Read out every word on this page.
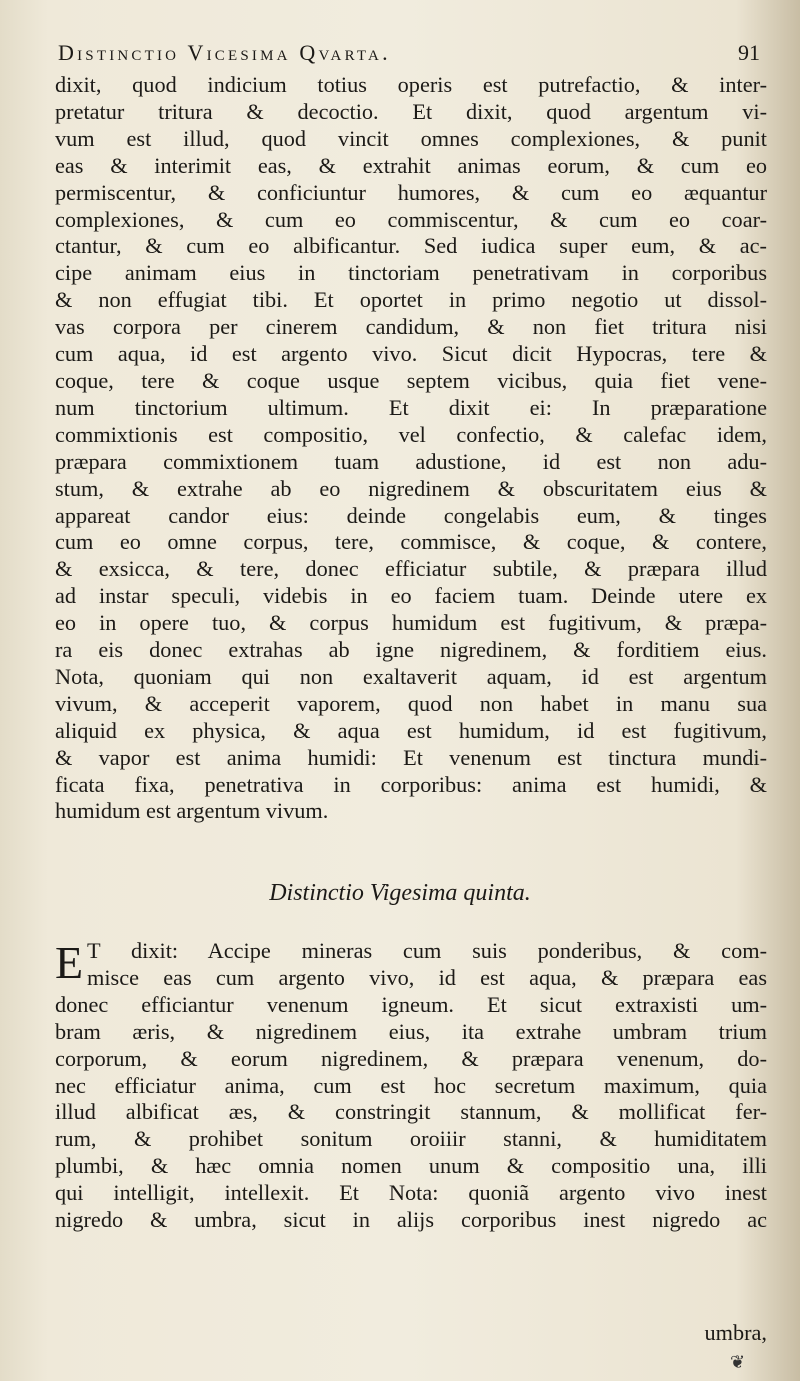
Distinctio Vicesima Qvarta.	91
dixit, quod indicium totius operis est putrefactio, & inter-
pretatur tritura & decoctio. Et dixit, quod argentum vi-
vum est illud, quod vincit omnes complexiones, & punit
eas & interimit eas, & extrahit animas eorum, & cum eo
permiscentur, & conficiuntur humores, & cum eo æquantur
complexiones, & cum eo commiscentur, & cum eo coar-
ctantur, & cum eo albificantur. Sed iudica super eum, & ac-
cipe animam eius in tinctoriam penetrativam in corporibus
& non effugiat tibi. Et oportet in primo negotio ut dissol-
vas corpora per cinerem candidum, & non fiet tritura nisi
cum aqua, id est argento vivo. Sicut dicit Hypocras, tere &
coque, tere & coque usque septem vicibus, quia fiet vene-
num tinctorium ultimum. Et dixit ei: In præparatione
commixtionis est compositio, vel confectio, & calefac idem,
præpara commixtionem tuam adustione, id est non adu-
stum, & extrahe ab eo nigredinem & obscuritatem eius &
appareat candor eius: deinde congelabis eum, & tinges
cum eo omne corpus, tere, commisce, & coque, & contere,
& exsicca, & tere, donec efficiatur subtile, & præpara illud
ad instar speculi, videbis in eo faciem tuam. Deinde utere ex
eo in opere tuo, & corpus humidum est fugitivum, & præpa-
ra eis donec extrahas ab igne nigredinem, & forditiem eius.
Nota, quoniam qui non exaltaverit aquam, id est argentum
vivum, & acceperit vaporem, quod non habet in manu sua
aliquid ex physica, & aqua est humidum, id est fugitivum,
& vapor est anima humidi: Et venenum est tinctura mundi-
ficata fixa, penetrativa in corporibus: anima est humidi, &
humidum est argentum vivum.
Distinctio Vigesima quinta.
E T dixit: Accipe mineras cum suis ponderibus, & com-
misce eas cum argento vivo, id est aqua, & præpara eas
donec efficiantur venenum igneum. Et sicut extraxisti um-
bram æris, & nigredinem eius, ita extrahe umbram trium
corporum, & eorum nigredinem, & præpara venenum, do-
nec efficiatur anima, cum est hoc secretum maximum, quia
illud albificat æs, & constringit stannum, & mollificat fer-
rum, & prohibet sonitum oroiiir stanni, & humiditatem
plumbi, & hæc omnia nomen unum & compositio una, illi
qui intelligit, intellexit. Et Nota: quoniã argento vivo inest
nigredo & umbra, sicut in alijs corporibus inest nigredo ac
umbra,
❦
